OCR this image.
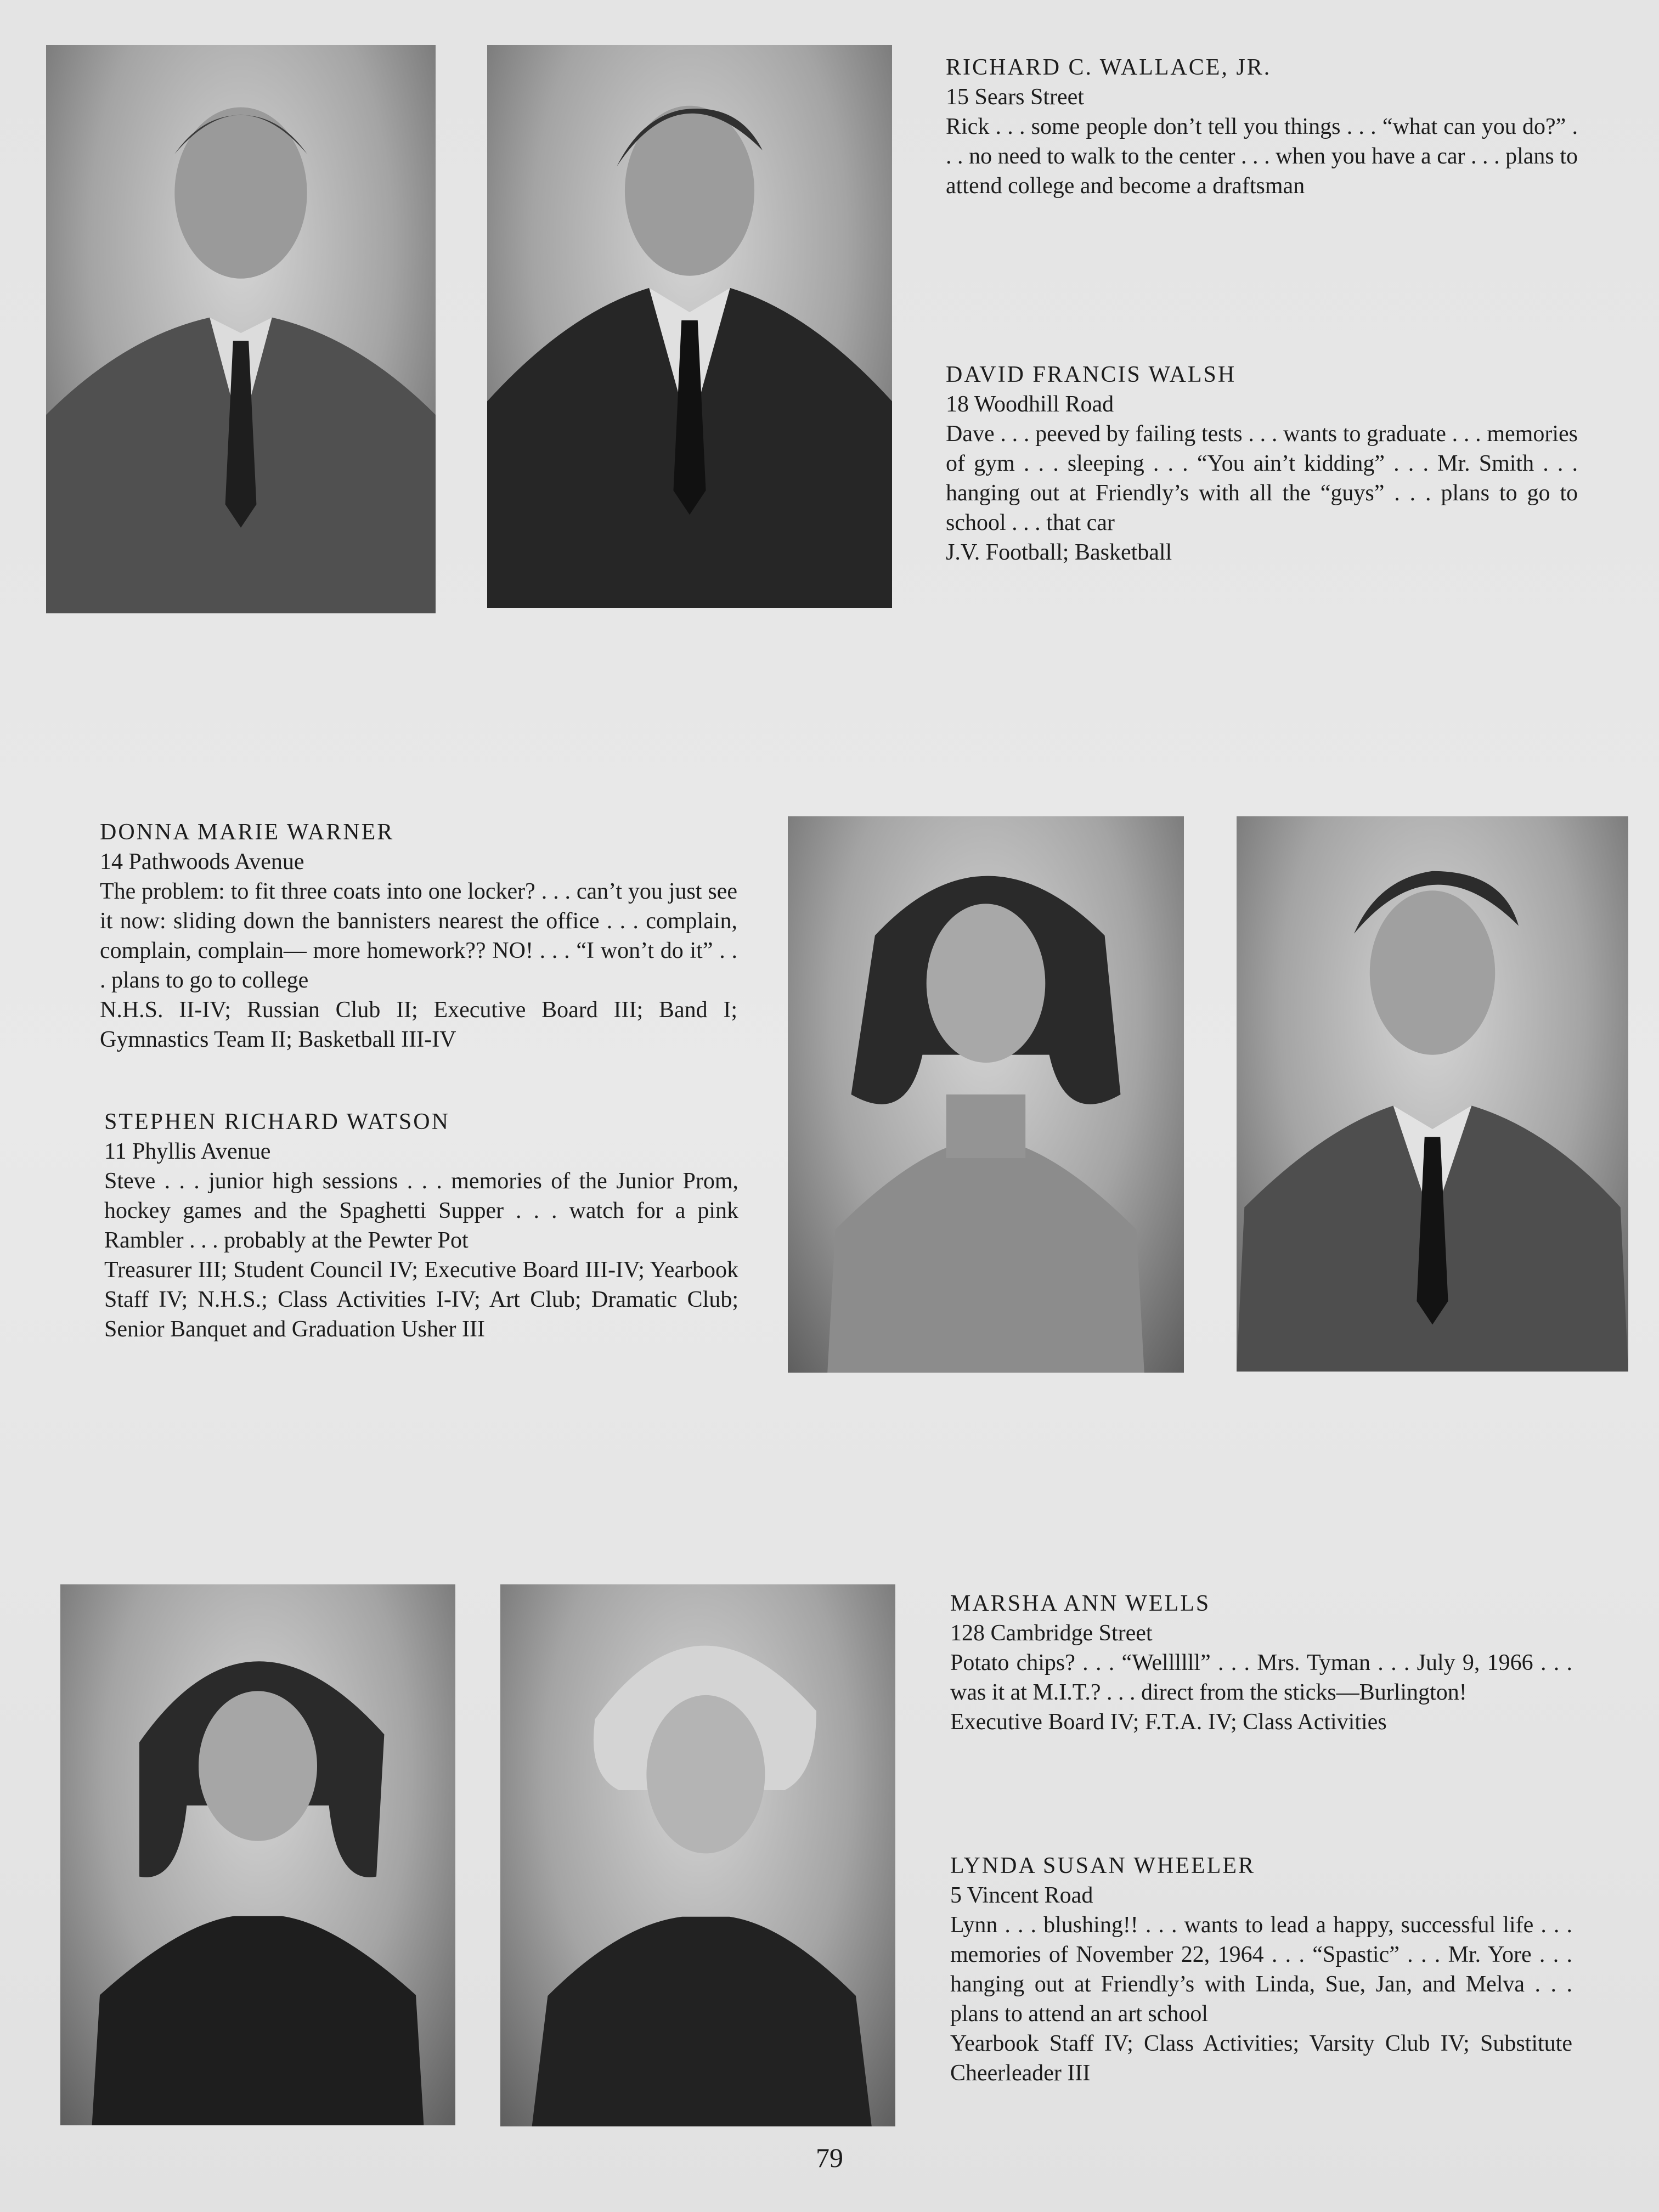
RICHARD C. WALLACE, JR.
15 Sears Street
Rick . . . some people don’t tell you things . . . “what can you do?” . . . no need to walk to the center . . . when you have a car . . . plans to attend college and become a draftsman
DAVID FRANCIS WALSH
18 Woodhill Road
Dave . . . peeved by failing tests . . . wants to graduate . . . memories of gym . . . sleeping . . . “You ain’t kidding” . . . Mr. Smith . . . hanging out at Friendly’s with all the “guys” . . . plans to go to school . . . that car
J.V. Football; Basketball
DONNA MARIE WARNER
14 Pathwoods Avenue
The problem: to fit three coats into one locker? . . . can’t you just see it now: sliding down the bannisters nearest the office . . . complain, complain, complain— more homework?? NO! . . . “I won’t do it” . . . plans to go to college
N.H.S. II-IV; Russian Club II; Executive Board III; Band I; Gymnastics Team II; Basketball III-IV
STEPHEN RICHARD WATSON
11 Phyllis Avenue
Steve . . . junior high sessions . . . memories of the Junior Prom, hockey games and the Spaghetti Supper . . . watch for a pink Rambler . . . probably at the Pewter Pot
Treasurer III; Student Council IV; Executive Board III-IV; Yearbook Staff IV; N.H.S.; Class Activities I-IV; Art Club; Dramatic Club; Senior Banquet and Graduation Usher III
MARSHA ANN WELLS
128 Cambridge Street
Potato chips? . . . “Wellllll” . . . Mrs. Tyman . . . July 9, 1966 . . . was it at M.I.T.? . . . direct from the sticks—Burlington!
Executive Board IV; F.T.A. IV; Class Activities
LYNDA SUSAN WHEELER
5 Vincent Road
Lynn . . . blushing!! . . . wants to lead a happy, successful life . . . memories of November 22, 1964 . . . “Spastic” . . . Mr. Yore . . . hanging out at Friendly’s with Linda, Sue, Jan, and Melva . . . plans to attend an art school
Yearbook Staff IV; Class Activities; Varsity Club IV; Substitute Cheerleader III
79
